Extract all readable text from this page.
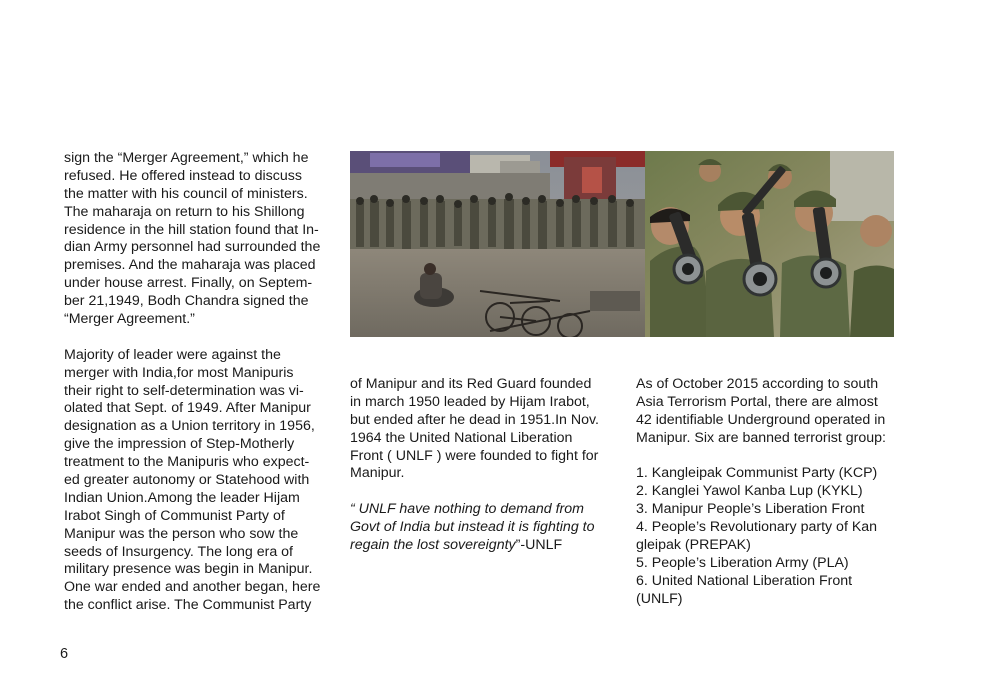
sign the “Merger Agreement,” which he
refused. He offered instead to discuss
the matter with his council of ministers.
The maharaja on return to his Shillong
residence in the hill station found that In-
dian Army personnel had surrounded the
premises. And the maharaja was placed
under house arrest. Finally, on Septem-
ber 21,1949, Bodh Chandra signed the
“Merger Agreement.”
Majority of leader were against the
merger with India,for most Manipuris
their right to self-determination was vi-
olated that Sept. of 1949. After Manipur
designation as a Union territory in 1956,
give the impression of Step-Motherly
treatment to the Manipuris who expect-
ed greater autonomy or Statehood with
Indian Union.Among the leader Hijam
Irabot Singh of Communist Party of
Manipur was the person who sow the
seeds of Insurgency. The long era of
military presence was begin in Manipur.
One war ended and another began, here
the conflict arise. The Communist Party
of Manipur and its Red Guard founded
in march 1950 leaded by Hijam Irabot,
but ended after he dead in 1951.In Nov.
1964 the United National Liberation
Front ( UNLF ) were founded to fight for
Manipur.
“ UNLF have nothing to demand from
Govt of India but instead it is fighting to
regain the lost sovereignty”-UNLF
As of October 2015 according to south
Asia Terrorism Portal, there are almost
42 identifiable Underground operated in
Manipur. Six are banned terrorist group:
1. Kangleipak Communist Party (KCP)
2. Kanglei Yawol Kanba Lup (KYKL)
3. Manipur People’s Liberation Front
4. People’s Revolutionary party of Kan
gleipak (PREPAK)
5. People’s Liberation Army (PLA)
6. United National Liberation Front
(UNLF)
6
